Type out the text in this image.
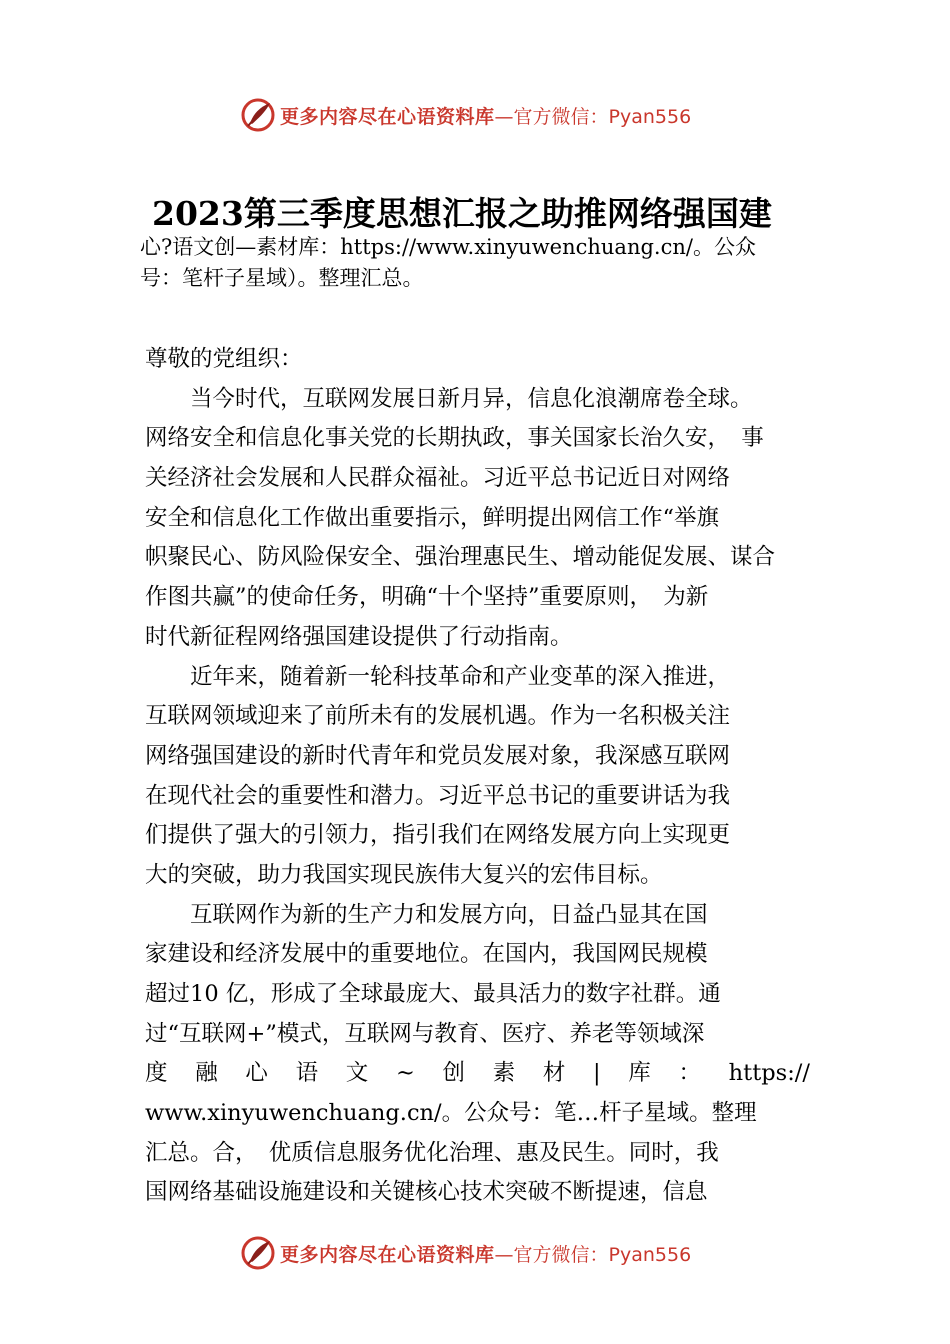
更多内容尽在心语资料库 —官方微信：Pyan556
2023第三季度思想汇报之助推网络强国建
心?语文创—素材库：https://www.xinyuwenchuang.cn/。公众
号：笔杆子星域）。整理汇总。
尊敬的党组织：
　　当今时代，互联网发展日新月异，信息化浪潮席卷全球。
网络安全和信息化事关党的长期执政，事关国家长治久安，　事
关经济社会发展和人民群众福祉。习近平总书记近日对网络
安全和信息化工作做出重要指示，鲜明提出网信工作“举旗
帜聚民心、防风险保安全、强治理惠民生、增动能促发展、谋合
作图共赢”的使命任务，明确“十个坚持”重要原则，　为新
时代新征程网络强国建设提供了行动指南。
　　近年来，随着新一轮科技革命和产业变革的深入推进，
互联网领域迎来了前所未有的发展机遇。作为一名积极关注
网络强国建设的新时代青年和党员发展对象，我深感互联网
在现代社会的重要性和潜力。习近平总书记的重要讲话为我
们提供了强大的引领力，指引我们在网络发展方向上实现更
大的突破，助力我国实现民族伟大复兴的宏伟目标。
　　互联网作为新的生产力和发展方向，日益凸显其在国
家建设和经济发展中的重要地位。在国内，我国网民规模
超过10 亿，形成了全球最庞大、最具活力的数字社群。通
过“互联网+”模式，互联网与教育、医疗、养老等领域深
度 融 心 语 文 ~ 创 素 材 | 库 ： https://
www.xinyuwenchuang.cn/。公众号：笔…杆子星域。整理
汇总。合，　优质信息服务优化治理、惠及民生。同时，我
国网络基础设施建设和关键核心技术突破不断提速，信息
更多内容尽在心语资料库 —官方微信：Pyan556
